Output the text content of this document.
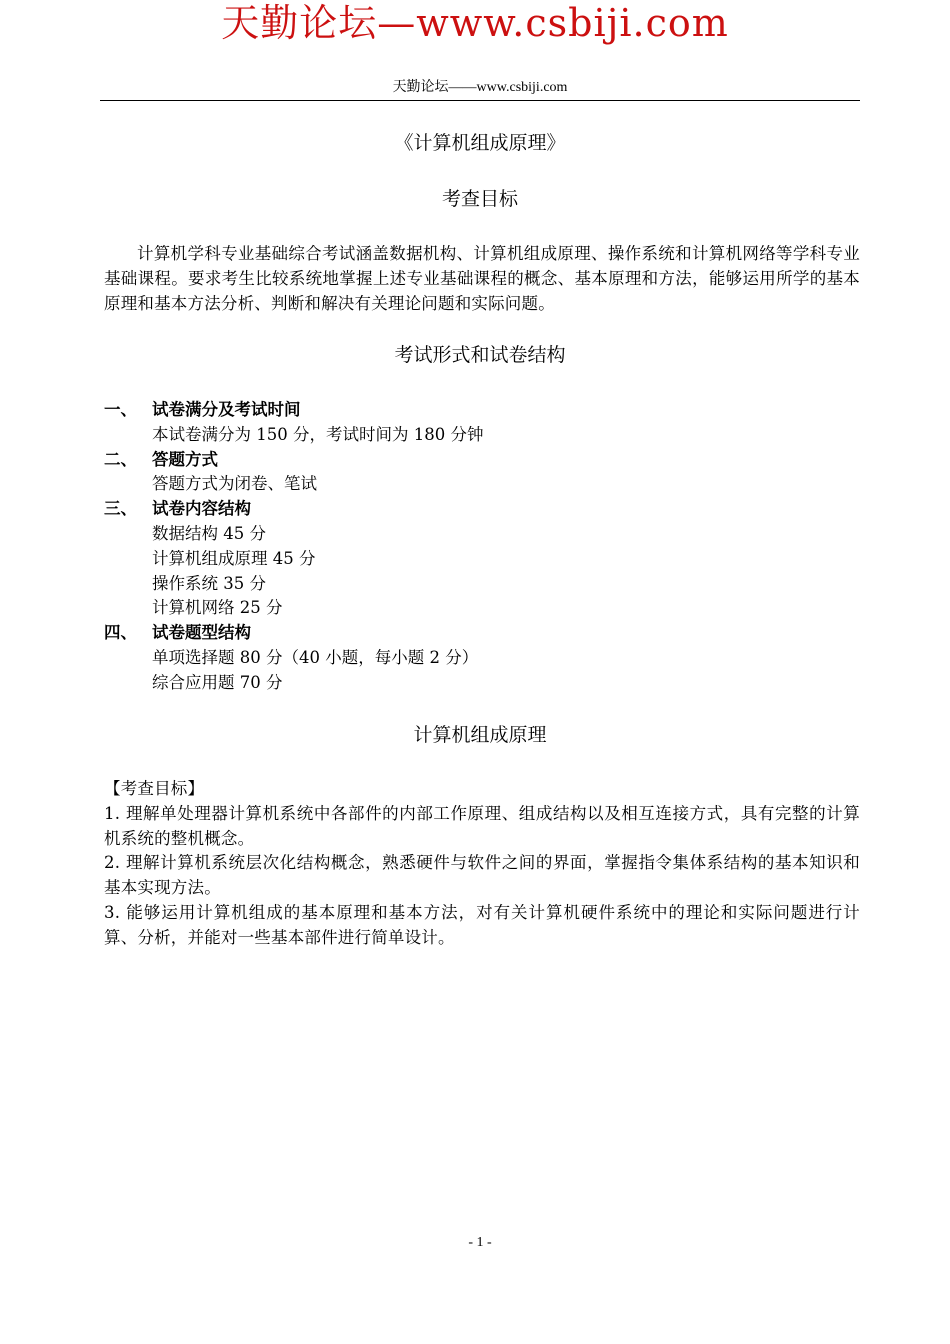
天勤论坛—www.csbiji.com
天勤论坛——www.csbiji.com
《计算机组成原理》
考查目标
计算机学科专业基础综合考试涵盖数据机构、计算机组成原理、操作系统和计算机网络等学科专业基础课程。要求考生比较系统地掌握上述专业基础课程的概念、基本原理和方法，能够运用所学的基本原理和基本方法分析、判断和解决有关理论问题和实际问题。
考试形式和试卷结构
一、 试卷满分及考试时间
本试卷满分为 150 分，考试时间为 180 分钟
二、 答题方式
答题方式为闭卷、笔试
三、 试卷内容结构
数据结构 45 分
计算机组成原理 45 分
操作系统 35 分
计算机网络 25 分
四、 试卷题型结构
单项选择题 80 分（40 小题，每小题 2 分）
综合应用题 70 分
计算机组成原理
【考查目标】
1. 理解单处理器计算机系统中各部件的内部工作原理、组成结构以及相互连接方式，具有完整的计算机系统的整机概念。
2. 理解计算机系统层次化结构概念，熟悉硬件与软件之间的界面，掌握指令集体系结构的基本知识和基本实现方法。
3. 能够运用计算机组成的基本原理和基本方法，对有关计算机硬件系统中的理论和实际问题进行计算、分析，并能对一些基本部件进行简单设计。
- 1 -
